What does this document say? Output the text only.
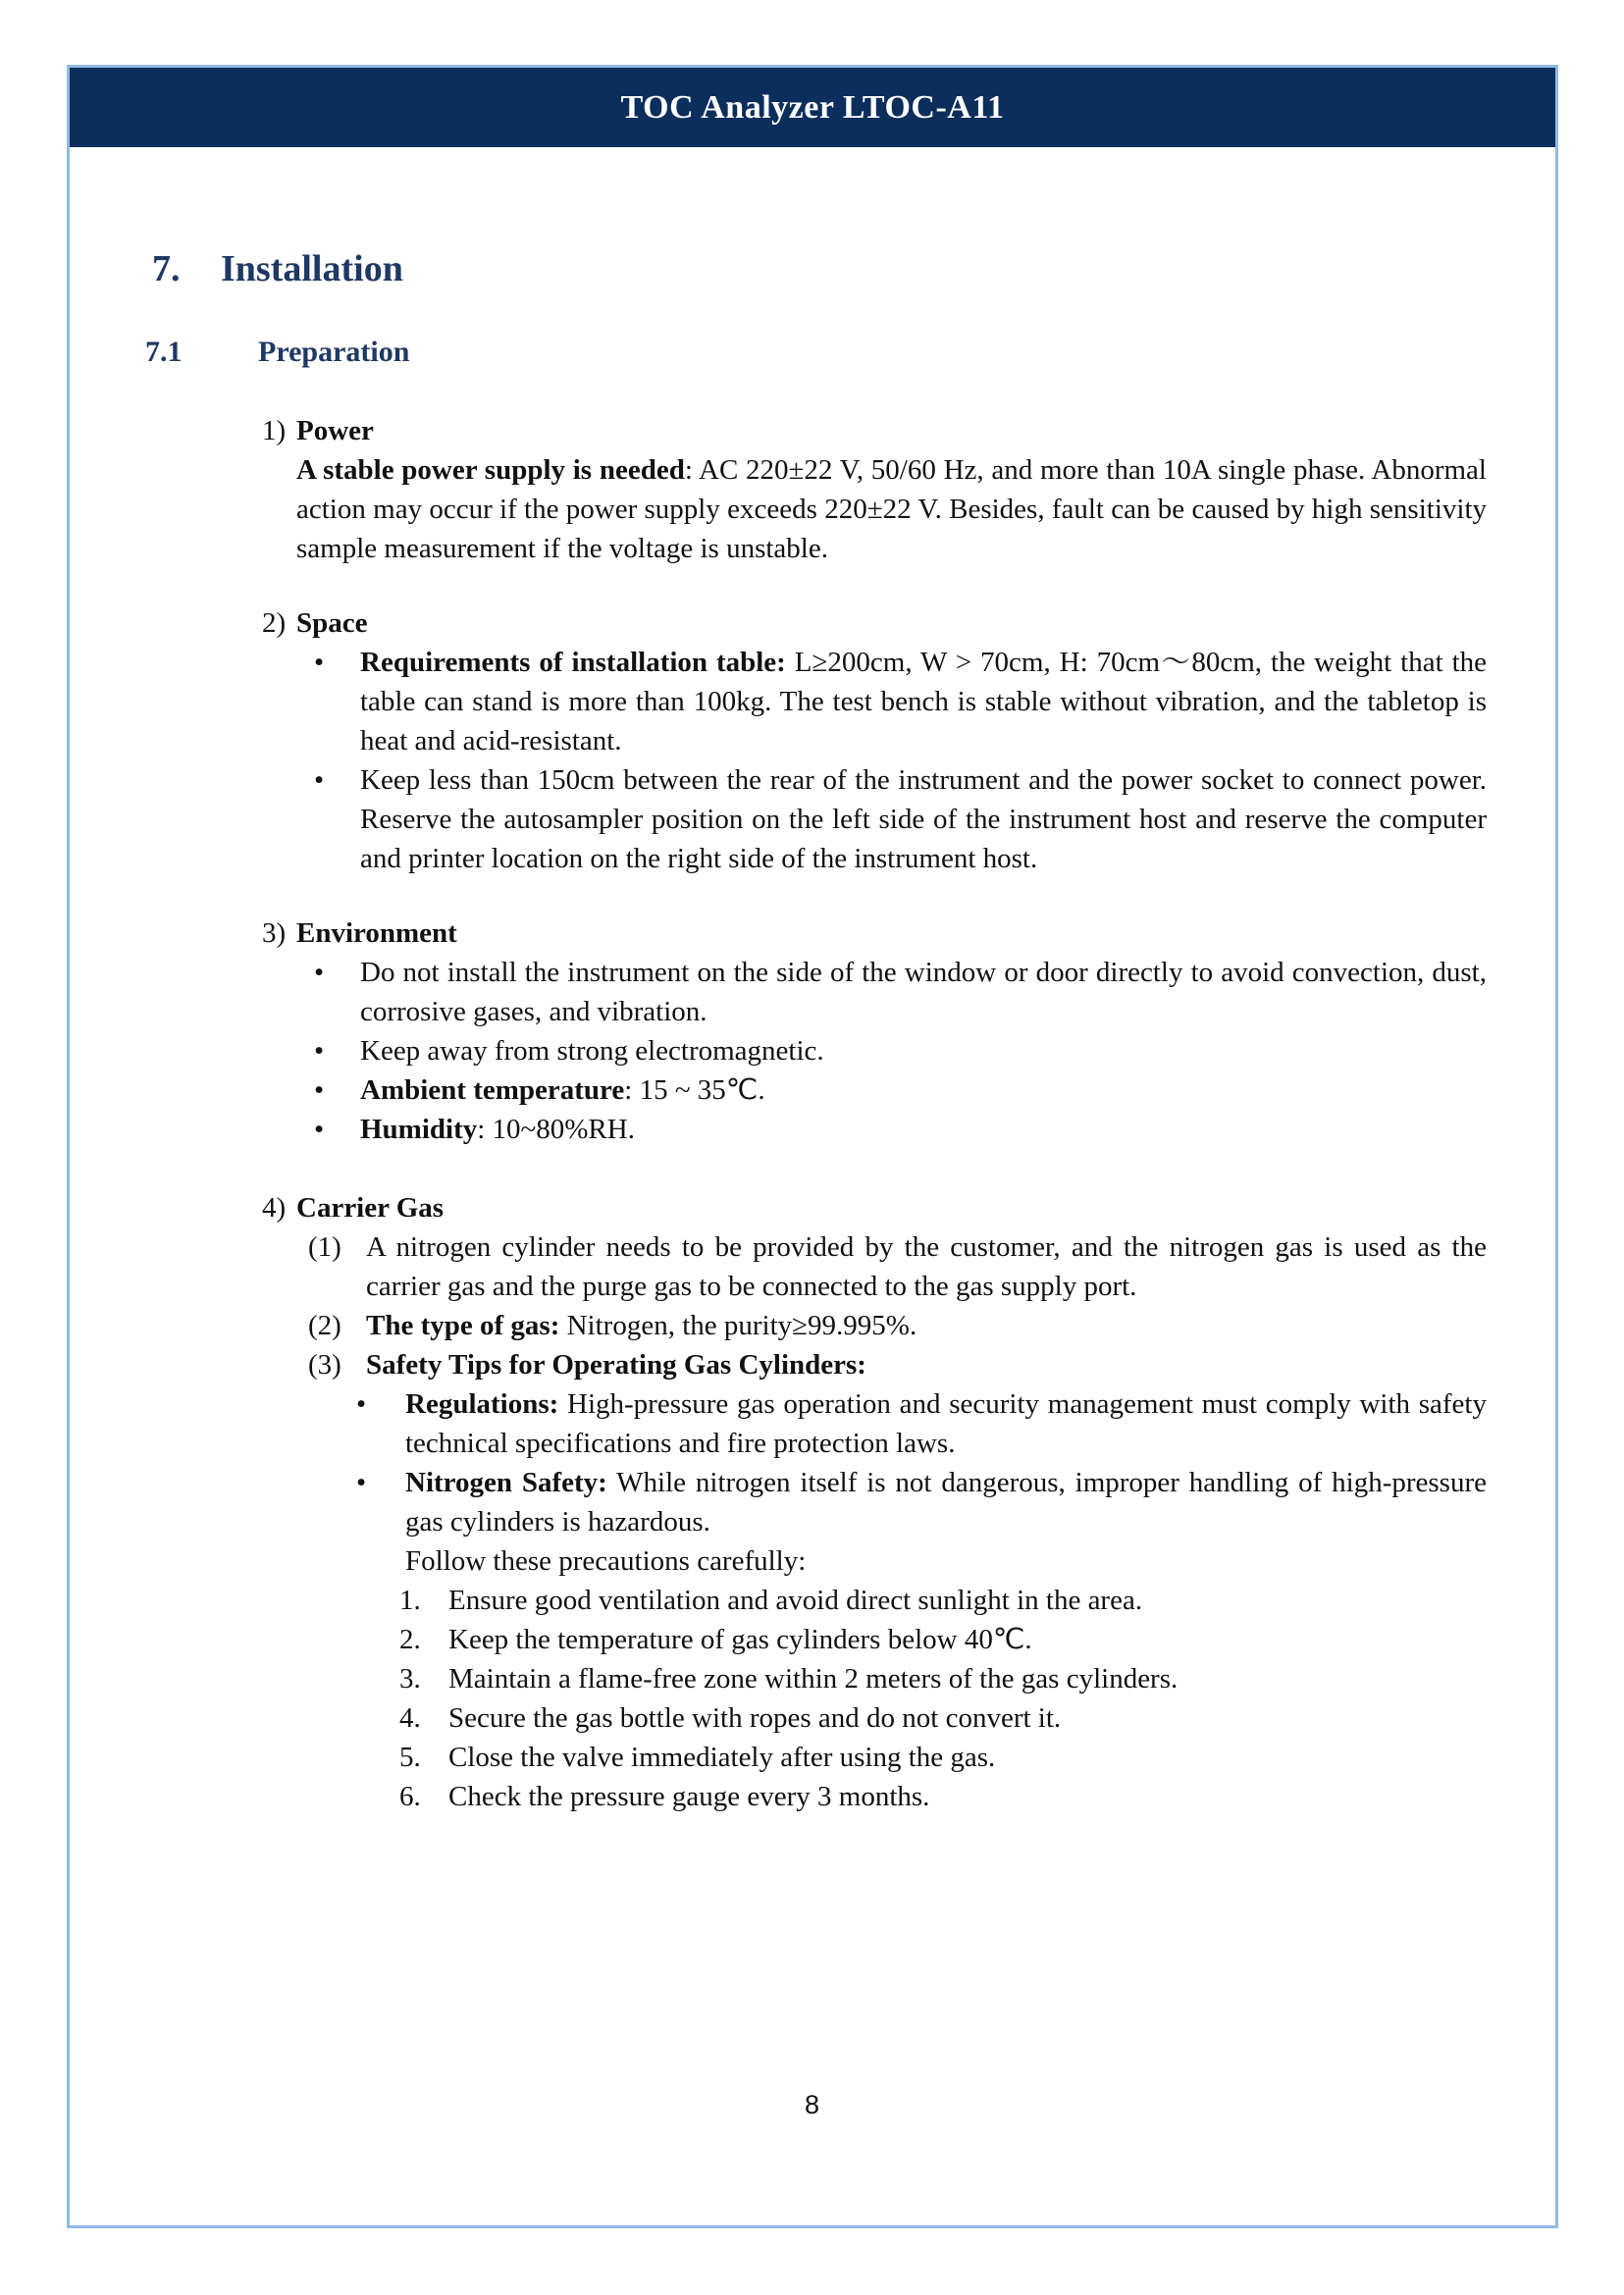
TOC Analyzer LTOC-A11
7.	Installation
7.1	Preparation
1) Power
A stable power supply is needed: AC 220±22 V, 50/60 Hz, and more than 10A single phase. Abnormal action may occur if the power supply exceeds 220±22 V. Besides, fault can be caused by high sensitivity sample measurement if the voltage is unstable.
2) Space
•	Requirements of installation table: L≥200cm, W > 70cm, H: 70cm～80cm, the weight that the table can stand is more than 100kg. The test bench is stable without vibration, and the tabletop is heat and acid-resistant.
•	Keep less than 150cm between the rear of the instrument and the power socket to connect power. Reserve the autosampler position on the left side of the instrument host and reserve the computer and printer location on the right side of the instrument host.
3) Environment
•	Do not install the instrument on the side of the window or door directly to avoid convection, dust, corrosive gases, and vibration.
•	Keep away from strong electromagnetic.
•	Ambient temperature: 15 ~ 35℃.
•	Humidity: 10~80%RH.
4) Carrier Gas
(1) A nitrogen cylinder needs to be provided by the customer, and the nitrogen gas is used as the carrier gas and the purge gas to be connected to the gas supply port.
(2) The type of gas: Nitrogen, the purity≥99.995%.
(3) Safety Tips for Operating Gas Cylinders:
•	Regulations: High-pressure gas operation and security management must comply with safety technical specifications and fire protection laws.
•	Nitrogen Safety: While nitrogen itself is not dangerous, improper handling of high-pressure gas cylinders is hazardous.
Follow these precautions carefully:
1. Ensure good ventilation and avoid direct sunlight in the area.
2. Keep the temperature of gas cylinders below 40℃.
3. Maintain a flame-free zone within 2 meters of the gas cylinders.
4. Secure the gas bottle with ropes and do not convert it.
5. Close the valve immediately after using the gas.
6. Check the pressure gauge every 3 months.
8
